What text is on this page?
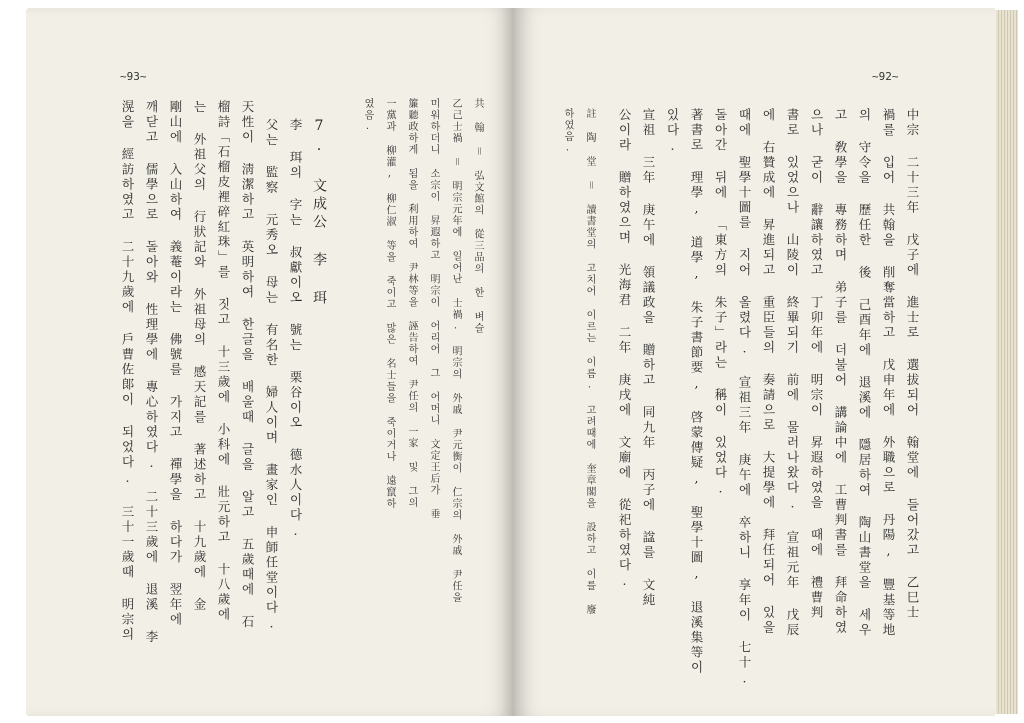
~93~	~92~
共 翰 ＝ 弘文館의 從三品의 한 벼슬
乙己士禍 ＝ 明宗元年에 일어난 士禍. 明宗의 外戚 尹元衡이 仁宗의 外戚 尹任을
미워하더니 소宗이 昇遐하고 明宗이 어리어 그 어머니 文定王后가 垂
簾聽政하게 됨을 利用하여 尹林等을 誣告하여 尹任의 一家 및 그의
一黨과 柳灌, 柳仁淑 等을 죽이고 많은 名士들을 죽이거나 遠竄하
였음.
7. 文成公 李 珥
李 珥의 字는 叔獻이오 號는 栗谷이오 德水人이다.
父는 監察 元秀오 母는 有名한 婦人이며 畫家인 申師任堂이다.
天性이 淸潔하고 英明하여 한글을 배울때 글을 알고 五歲때에 石
榴詩「石榴皮裡碎紅珠」를 짓고 十三歲에 小科에 壯元하고 十八歲에
는 外祖父의 行狀記와 外祖母의 感天記를 著述하고 十九歲에 金
剛山에 入山하여 義菴이라는 佛號를 가지고 禪學을 하다가 翌年에
깨닫고 儒學으로 돌아와 性理學에 專心하였다. 二十三歲에 退溪 李
滉을 經訪하였고 二十九歲에 戶曹佐郞이 되었다. 三十一歲때 明宗의	中宗 二十三年 戊子에 進士로 選拔되어 翰堂에 들어갔고 乙巳士
禍를 입어 共翰을 削奪當하고 戊申年에 外職으로 丹陽, 豐基等地
의 守令을 歷任한 後 己酉年에 退溪에 隱居하여 陶山書堂을 세우
고 敎學을 專務하며 弟子를 더불어 講論中에 工曹判書를 拜命하였
으나 굳이 辭讓하였고 丁卯年에 明宗이 昇遐하였을 때에 禮曹判
書로 있었으나 山陵이 終畢되기 前에 물러나왔다. 宣祖元年 戊辰
에 右贊成에 昇進되고 重臣들의 奏請으로 大提學에 拜任되어 있을
때에 聖學十圖를 지어 올렸다. 宣祖三年 庚午에 卒하니 享年이 七十.
돌아간 뒤에 「東方의 朱子」라는 稱이 있었다.
著書로 理學, 道學, 朱子書節要, 啓蒙傳疑, 聖學十圖, 退溪集等이
있다.
宣祖 三年 庚午에 領議政을 贈하고 同九年 丙子에 諡를 文純
公이라 贈하였으며 光海君 二年 庚戌에 文廟에 從祀하였다.
註 陶 堂 ＝ 讀書堂의 고치어 이르는 이름. 고려때에 奎章閣을 設하고 이를 廢
하였음.
